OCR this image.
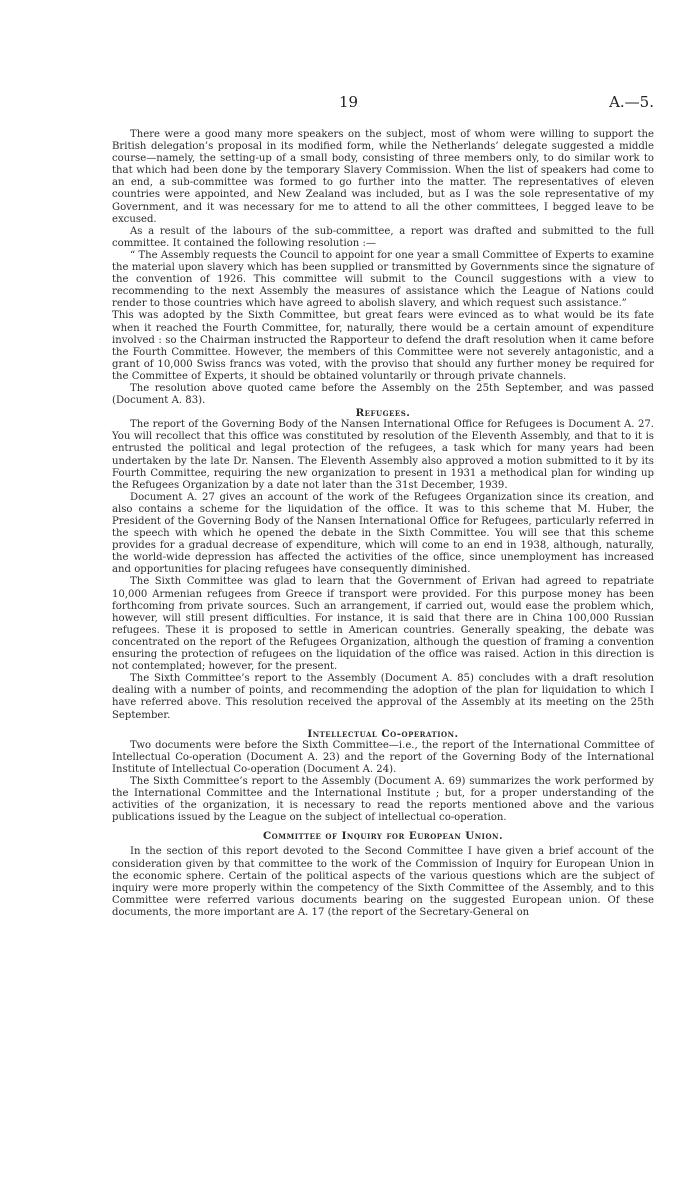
19	A.—5.

There were a good many more speakers on the subject, most of whom were willing to support the British delegation’s proposal in its modified form, while the Netherlands’ delegate suggested a middle course—namely, the setting-up of a small body, consisting of three members only, to do similar work to that which had been done by the temporary Slavery Commission. When the list of speakers had come to an end, a sub-committee was formed to go further into the matter. The representatives of eleven countries were appointed, and New Zealand was included, but as I was the sole representative of my Government, and it was necessary for me to attend to all the other committees, I begged leave to be excused.

As a result of the labours of the sub-committee, a report was drafted and submitted to the full committee. It contained the following resolution :—

“ The Assembly requests the Council to appoint for one year a small Committee of Experts to examine the material upon slavery which has been supplied or transmitted by Governments since the signature of the convention of 1926. This committee will submit to the Council suggestions with a view to recommending to the next Assembly the measures of assistance which the League of Nations could render to those countries which have agreed to abolish slavery, and which request such assistance.”

This was adopted by the Sixth Committee, but great fears were evinced as to what would be its fate when it reached the Fourth Committee, for, naturally, there would be a certain amount of expenditure involved : so the Chairman instructed the Rapporteur to defend the draft resolution when it came before the Fourth Committee. However, the members of this Committee were not severely antagonistic, and a grant of 10,000 Swiss francs was voted, with the proviso that should any further money be required for the Committee of Experts, it should be obtained voluntarily or through private channels.

The resolution above quoted came before the Assembly on the 25th September, and was passed (Document A. 83).

Refugees.

The report of the Governing Body of the Nansen International Office for Refugees is Document A. 27. You will recollect that this office was constituted by resolution of the Eleventh Assembly, and that to it is entrusted the political and legal protection of the refugees, a task which for many years had been undertaken by the late Dr. Nansen. The Eleventh Assembly also approved a motion submitted to it by its Fourth Committee, requiring the new organization to present in 1931 a methodical plan for winding up the Refugees Organization by a date not later than the 31st December, 1939.

Document A. 27 gives an account of the work of the Refugees Organization since its creation, and also contains a scheme for the liquidation of the office. It was to this scheme that M. Huber, the President of the Governing Body of the Nansen International Office for Refugees, particularly referred in the speech with which he opened the debate in the Sixth Committee. You will see that this scheme provides for a gradual decrease of expenditure, which will come to an end in 1938, although, naturally, the world-wide depression has affected the activities of the office, since unemployment has increased and opportunities for placing refugees have consequently diminished.

The Sixth Committee was glad to learn that the Government of Erivan had agreed to repatriate 10,000 Armenian refugees from Greece if transport were provided. For this purpose money has been forthcoming from private sources. Such an arrangement, if carried out, would ease the problem which, however, will still present difficulties. For instance, it is said that there are in China 100,000 Russian refugees. These it is proposed to settle in American countries. Generally speaking, the debate was concentrated on the report of the Refugees Organization, although the question of framing a convention ensuring the protection of refugees on the liquidation of the office was raised. Action in this direction is not contemplated; however, for the present.

The Sixth Committee’s report to the Assembly (Document A. 85) concludes with a draft resolution dealing with a number of points, and recommending the adoption of the plan for liquidation to which I have referred above. This resolution received the approval of the Assembly at its meeting on the 25th September.

Intellectual Co-operation.

Two documents were before the Sixth Committee—i.e., the report of the International Committee of Intellectual Co-operation (Document A. 23) and the report of the Governing Body of the International Institute of Intellectual Co-operation (Document A. 24).

The Sixth Committee’s report to the Assembly (Document A. 69) summarizes the work performed by the International Committee and the International Institute ; but, for a proper understanding of the activities of the organization, it is necessary to read the reports mentioned above and the various publications issued by the League on the subject of intellectual co-operation.

Committee of Inquiry for European Union.

In the section of this report devoted to the Second Committee I have given a brief account of the consideration given by that committee to the work of the Commission of Inquiry for European Union in the economic sphere. Certain of the political aspects of the various questions which are the subject of inquiry were more properly within the competency of the Sixth Committee of the Assembly, and to this Committee were referred various documents bearing on the suggested European union. Of these documents, the more important are A. 17 (the report of the Secretary-General on
